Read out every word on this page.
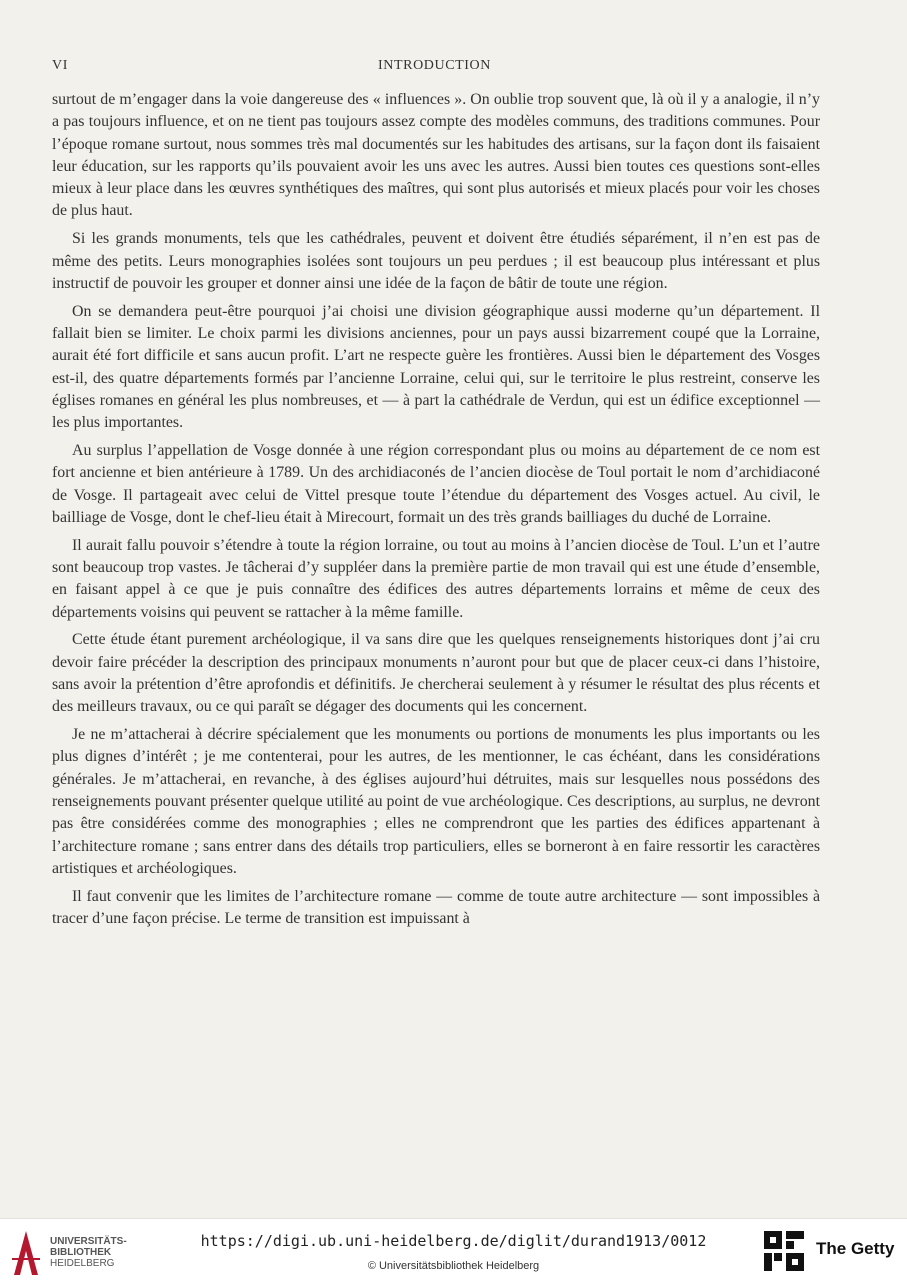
VI	INTRODUCTION

surtout de m’engager dans la voie dangereuse des « influences ». On oublie trop souvent que, là où il y a analogie, il n’y a pas toujours influence, et on ne tient pas toujours assez compte des modèles communs, des traditions communes. Pour l’époque romane surtout, nous sommes très mal documentés sur les habitudes des artisans, sur la façon dont ils faisaient leur éducation, sur les rapports qu’ils pouvaient avoir les uns avec les autres. Aussi bien toutes ces questions sont-elles mieux à leur place dans les œuvres synthétiques des maîtres, qui sont plus autorisés et mieux placés pour voir les choses de plus haut.

Si les grands monuments, tels que les cathédrales, peuvent et doivent être étudiés séparément, il n’en est pas de même des petits. Leurs monographies isolées sont toujours un peu perdues ; il est beaucoup plus intéressant et plus instructif de pouvoir les grouper et donner ainsi une idée de la façon de bâtir de toute une région.

On se demandera peut-être pourquoi j’ai choisi une division géographique aussi moderne qu’un département. Il fallait bien se limiter. Le choix parmi les divisions anciennes, pour un pays aussi bizarrement coupé que la Lorraine, aurait été fort difficile et sans aucun profit. L’art ne respecte guère les frontières. Aussi bien le département des Vosges est-il, des quatre départements formés par l’ancienne Lorraine, celui qui, sur le territoire le plus restreint, conserve les églises romanes en général les plus nombreuses, et — à part la cathédrale de Verdun, qui est un édifice exceptionnel — les plus importantes.

Au surplus l’appellation de Vosge donnée à une région correspondant plus ou moins au département de ce nom est fort ancienne et bien antérieure à 1789. Un des archidiaconés de l’ancien diocèse de Toul portait le nom d’archidiaconé de Vosge. Il partageait avec celui de Vittel presque toute l’étendue du département des Vosges actuel. Au civil, le bailliage de Vosge, dont le chef-lieu était à Mirecourt, formait un des très grands bailliages du duché de Lorraine.

Il aurait fallu pouvoir s’étendre à toute la région lorraine, ou tout au moins à l’ancien diocèse de Toul. L’un et l’autre sont beaucoup trop vastes. Je tâcherai d’y suppléer dans la première partie de mon travail qui est une étude d’ensemble, en faisant appel à ce que je puis connaître des édifices des autres départements lorrains et même de ceux des départements voisins qui peuvent se rattacher à la même famille.

Cette étude étant purement archéologique, il va sans dire que les quelques renseignements historiques dont j’ai cru devoir faire précéder la description des principaux monuments n’auront pour but que de placer ceux-ci dans l’histoire, sans avoir la prétention d’être aprofondis et définitifs. Je chercherai seulement à y résumer le résultat des plus récents et des meilleurs travaux, ou ce qui paraît se dégager des documents qui les concernent.

Je ne m’attacherai à décrire spécialement que les monuments ou portions de monuments les plus importants ou les plus dignes d’intérêt ; je me contenterai, pour les autres, de les mentionner, le cas échéant, dans les considérations générales. Je m’attacherai, en revanche, à des églises aujourd’hui détruites, mais sur lesquelles nous possédons des renseignements pouvant présenter quelque utilité au point de vue archéologique. Ces descriptions, au surplus, ne devront pas être considérées comme des monographies ; elles ne comprendront que les parties des édifices appartenant à l’architecture romane ; sans entrer dans des détails trop particuliers, elles se borneront à en faire ressortir les caractères artistiques et archéologiques.

Il faut convenir que les limites de l’architecture romane — comme de toute autre architecture — sont impossibles à tracer d’une façon précise. Le terme de transition est impuissant à

UNIVERSITÄTS-
BIBLIOTHEK
HEIDELBERG
https://digi.ub.uni-heidelberg.de/diglit/durand1913/0012
© Universitätsbibliothek Heidelberg
The Getty
